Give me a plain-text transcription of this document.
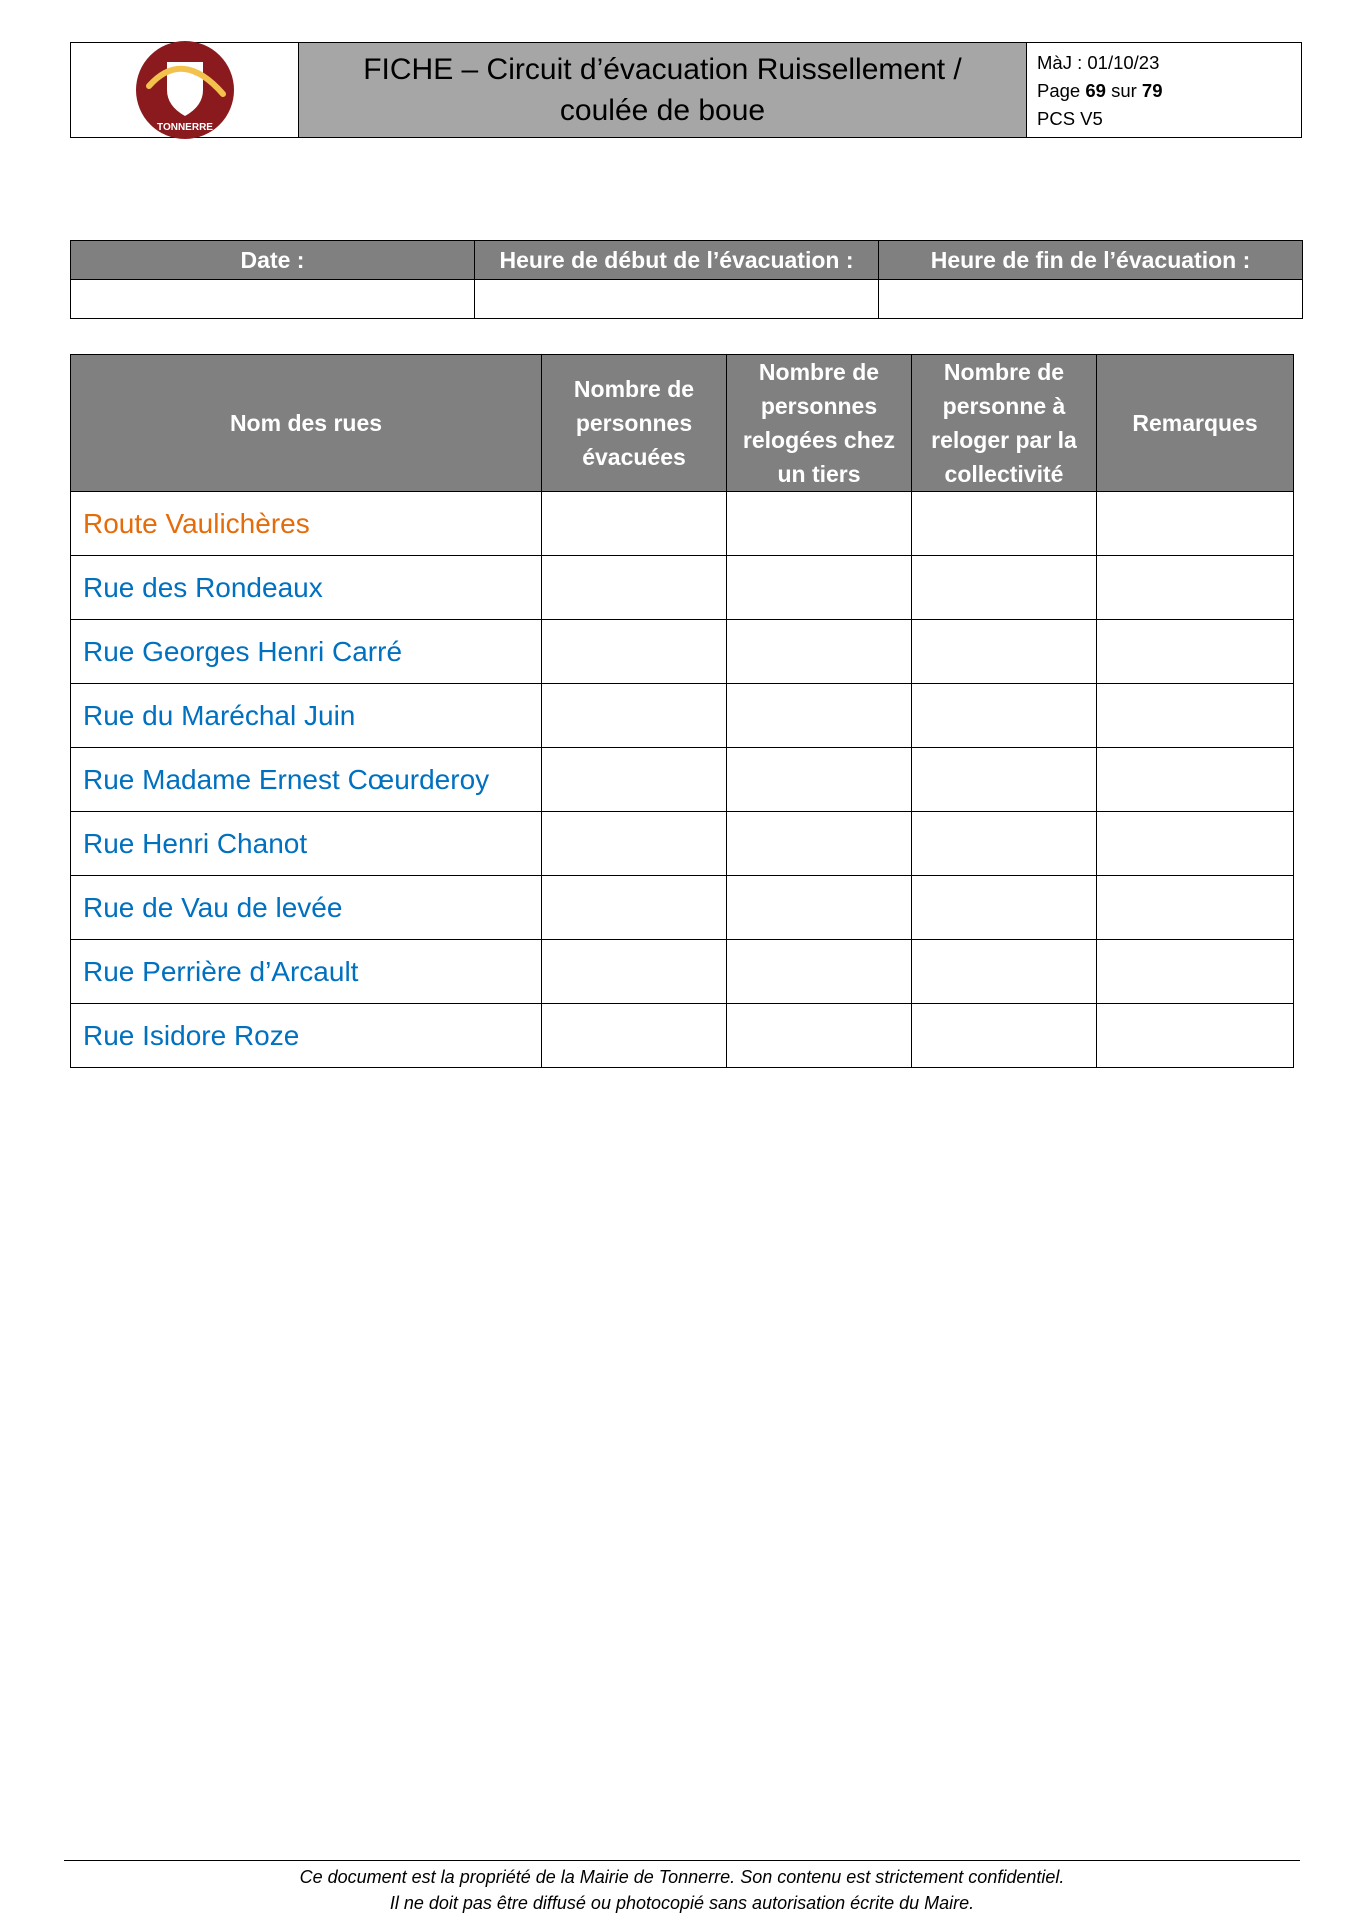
TONNERRE
FICHE – Circuit d’évacuation Ruissellement /
coulée de boue
MàJ : 01/10/23
Page 69 sur 79
PCS V5
Date :	Heure de début de l’évacuation :	Heure de fin de l’évacuation :

Nom des rues	Nombre de personnes évacuées	Nombre de personnes relogées chez un tiers	Nombre de personne à reloger par la collectivité	Remarques
Route Vaulichères				
Rue des Rondeaux				
Rue Georges Henri Carré				
Rue du Maréchal Juin				
Rue Madame Ernest Cœurderoy				
Rue Henri Chanot				
Rue de Vau de levée				
Rue Perrière d’Arcault				
Rue Isidore Roze				
Ce document est la propriété de la Mairie de Tonnerre. Son contenu est strictement confidentiel.
Il ne doit pas être diffusé ou photocopié sans autorisation écrite du Maire.
